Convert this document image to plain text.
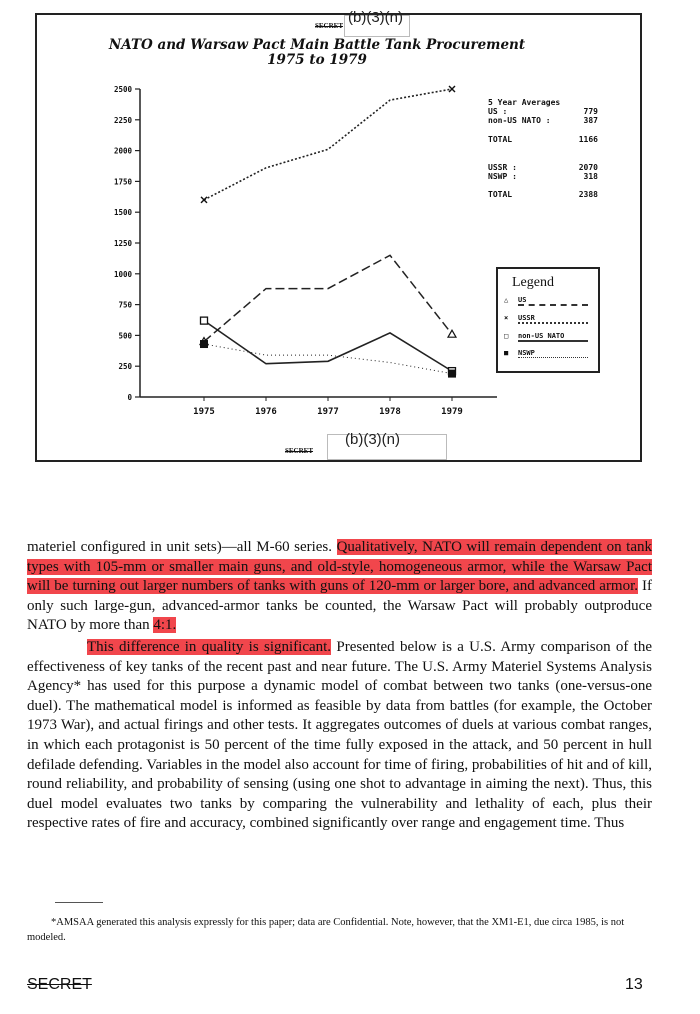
SECRET (b)(3)(n)
NATO and Warsaw Pact Main Battle Tank Procurement
1975 to 1979
SECRET
(b)(3)(n)
0
250
500
750
1000
1250
1500
1750
2000
2250
2500
1975	1976	1977	1978	1979
5 Year Averages
US :	779
non-US NATO :	387
TOTAL	1166
USSR :	2070
NSWP :	318
TOTAL	2388
Legend
△ US
× USSR
□ non-US NATO
■ NSWP

materiel configured in unit sets)—all M-60 series. Qualitatively, NATO will remain dependent on tank types with 105-mm or smaller main guns, and old-style, homogeneous armor, while the Warsaw Pact will be turning out larger numbers of tanks with guns of 120-mm or larger bore, and advanced armor. If only such large-gun, advanced-armor tanks be counted, the Warsaw Pact will probably outproduce NATO by more than 4:1.

This difference in quality is significant. Presented below is a U.S. Army comparison of the effectiveness of key tanks of the recent past and near future. The U.S. Army Materiel Systems Analysis Agency* has used for this purpose a dynamic model of combat between two tanks (one-versus-one duel). The mathematical model is informed as feasible by data from battles (for example, the October 1973 War), and actual firings and other tests. It aggregates outcomes of duels at various combat ranges, in which each protagonist is 50 percent of the time fully exposed in the attack, and 50 percent in hull defilade defending. Variables in the model also account for time of firing, probabilities of hit and of kill, round reliability, and probability of sensing (using one shot to advantage in aiming the next). Thus, this duel model evaluates two tanks by comparing the vulnerability and lethality of each, plus their respective rates of fire and accuracy, combined significantly over range and engagement time. Thus

*AMSAA generated this analysis expressly for this paper; data are Confidential. Note, however, that the XM1-E1, due circa 1985, is not modeled.
SECRET	13
